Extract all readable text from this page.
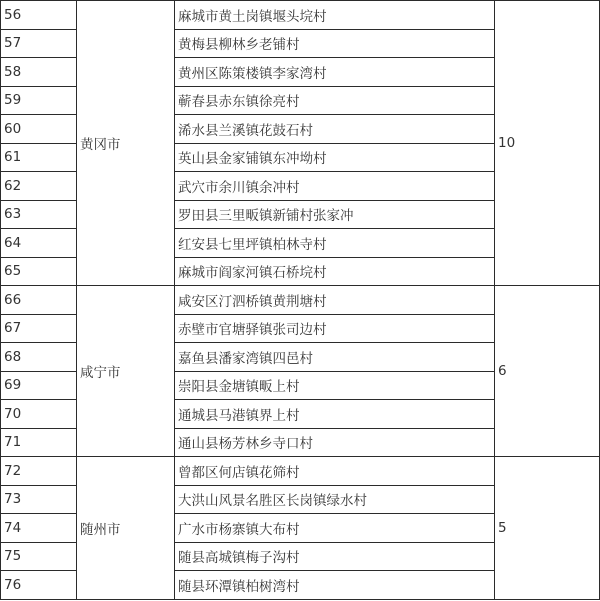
56	黄冈市	麻城市黄土岗镇堰头垸村	10
57		黄梅县柳林乡老铺村	
58		黄州区陈策楼镇李家湾村	
59		蕲春县赤东镇徐亮村	
60		浠水县兰溪镇花鼓石村	
61		英山县金家铺镇东冲坳村	
62		武穴市余川镇余冲村	
63		罗田县三里畈镇新铺村张家冲	
64		红安县七里坪镇柏林寺村	
65		麻城市阎家河镇石桥垸村	
66	咸宁市	咸安区汀泗桥镇黄荆塘村	6
67		赤壁市官塘驿镇张司边村	
68		嘉鱼县潘家湾镇四邑村	
69		崇阳县金塘镇畈上村	
70		通城县马港镇界上村	
71		通山县杨芳林乡寺口村	
72	随州市	曾都区何店镇花筛村	5
73		大洪山风景名胜区长岗镇绿水村	
74		广水市杨寨镇大布村	
75		随县高城镇梅子沟村	
76		随县环潭镇柏树湾村	
